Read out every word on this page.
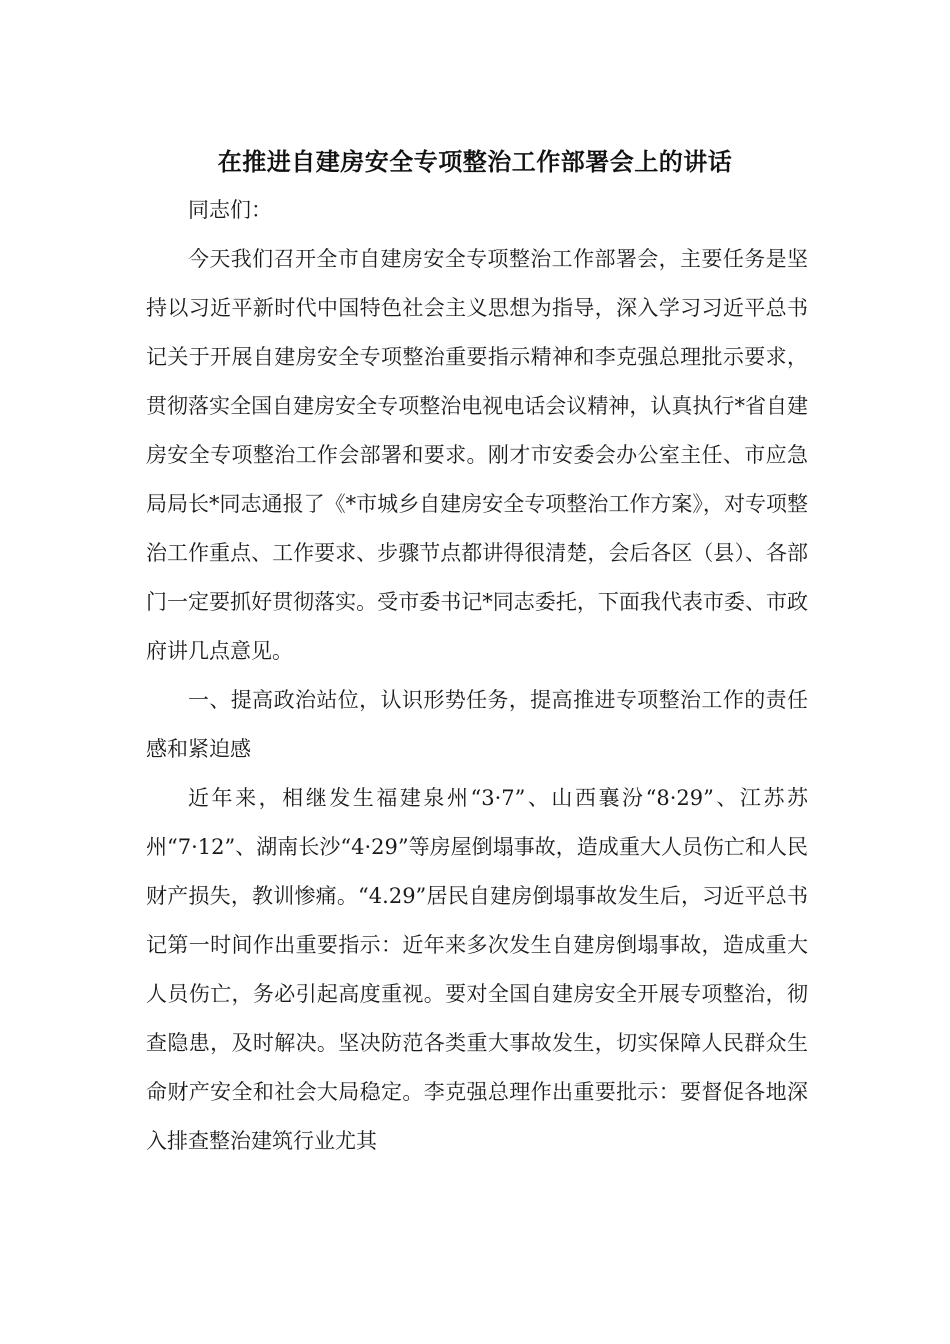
在推进自建房安全专项整治工作部署会上的讲话

同志们：

今天我们召开全市自建房安全专项整治工作部署会，主要任务是坚持以习近平新时代中国特色社会主义思想为指导，深入学习习近平总书记关于开展自建房安全专项整治重要指示精神和李克强总理批示要求，贯彻落实全国自建房安全专项整治电视电话会议精神，认真执行*省自建房安全专项整治工作会部署和要求。刚才市安委会办公室主任、市应急局局长*同志通报了《*市城乡自建房安全专项整治工作方案》，对专项整治工作重点、工作要求、步骤节点都讲得很清楚，会后各区（县）、各部门一定要抓好贯彻落实。受市委书记*同志委托，下面我代表市委、市政府讲几点意见。

一、提高政治站位，认识形势任务，提高推进专项整治工作的责任感和紧迫感

近年来，相继发生福建泉州“3·7”、山西襄汾“8·29”、江苏苏州“7·12”、湖南长沙“4·29”等房屋倒塌事故，造成重大人员伤亡和人民财产损失，教训惨痛。“4.29”居民自建房倒塌事故发生后，习近平总书记第一时间作出重要指示：近年来多次发生自建房倒塌事故，造成重大人员伤亡，务必引起高度重视。要对全国自建房安全开展专项整治，彻查隐患，及时解决。坚决防范各类重大事故发生，切实保障人民群众生命财产安全和社会大局稳定。李克强总理作出重要批示：要督促各地深入排查整治建筑行业尤其
